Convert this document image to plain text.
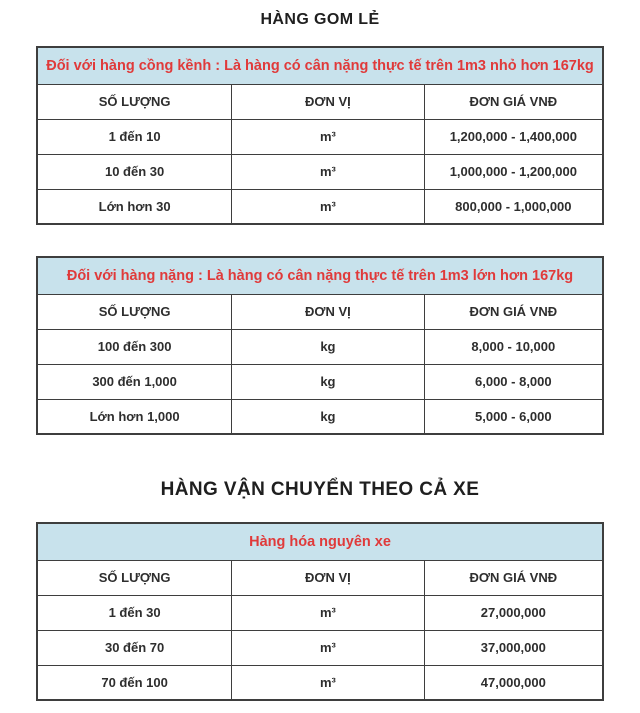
HÀNG GOM LẺ
Đối với hàng cồng kềnh : Là hàng có cân nặng thực tế trên 1m3 nhỏ hơn 167kg		
SỐ LƯỢNG	ĐƠN VỊ	ĐƠN GIÁ VNĐ
1 đến 10	m³	1,200,000 - 1,400,000
10 đến 30	m³	1,000,000 - 1,200,000
Lớn hơn 30	m³	800,000 - 1,000,000
Đối với hàng nặng : Là hàng có cân nặng thực tế trên 1m3 lớn hơn 167kg		
SỐ LƯỢNG	ĐƠN VỊ	ĐƠN GIÁ VNĐ
100 đến 300	kg	8,000 - 10,000
300 đến 1,000	kg	6,000 - 8,000
Lớn hơn 1,000	kg	5,000 - 6,000
HÀNG VẬN CHUYỂN THEO CẢ XE
Hàng hóa nguyên xe		
SỐ LƯỢNG	ĐƠN VỊ	ĐƠN GIÁ VNĐ
1 đến 30	m³	27,000,000
30 đến 70	m³	37,000,000
70 đến 100	m³	47,000,000
